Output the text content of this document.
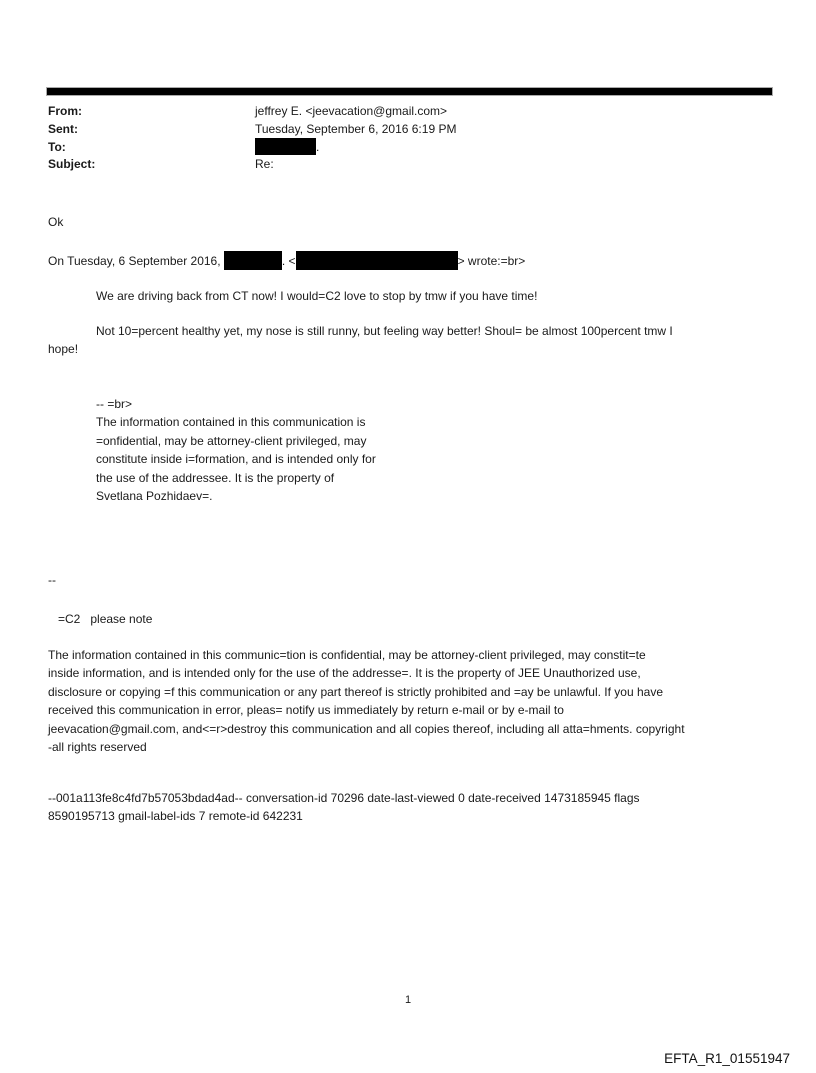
From:	jeffrey E. <jeevacation@gmail.com>
Sent:	Tuesday, September 6, 2016 6:19 PM
To:	.
Subject:	Re:
Ok
On Tuesday, 6 September 2016,	. <	> wrote:=br>
We are driving back from CT now! I would=C2 love to stop by tmw if you have time!
Not 10=percent healthy yet, my nose is still runny, but feeling way better! Shoul= be almost 100percent tmw I
hope!
-- =br>
The information contained in this communication is
=onfidential, may be attorney-client privileged, may
constitute inside i=formation, and is intended only for
the use of the addressee. It is the property of
Svetlana Pozhidaev=.
--
=C2   please note
The information contained in this communic=tion is confidential, may be attorney-client privileged, may constit=te
inside information, and is intended only for the use of the addresse=. It is the property of JEE Unauthorized use,
disclosure or copying =f this communication or any part thereof is strictly prohibited and =ay be unlawful. If you have
received this communication in error, pleas= notify us immediately by return e-mail or by e-mail to
jeevacation@gmail.com, and<=r>destroy this communication and all copies thereof, including all atta=hments. copyright
-all rights reserved
--001a113fe8c4fd7b57053bdad4ad-- conversation-id 70296 date-last-viewed 0 date-received 1473185945 flags
8590195713 gmail-label-ids 7 remote-id 642231
1
EFTA_R1_01551947
